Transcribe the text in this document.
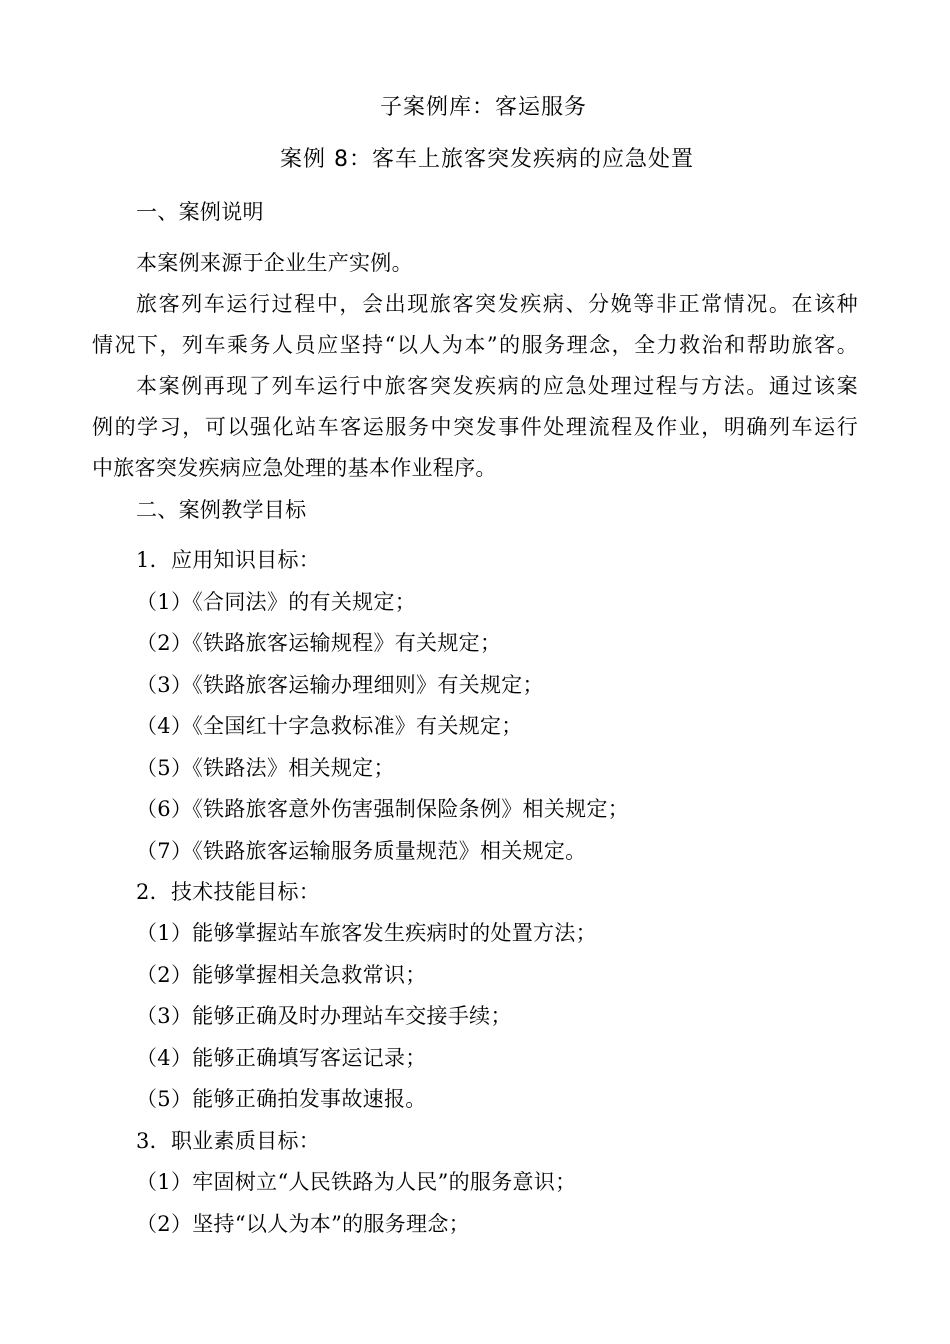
子案例库：客运服务
案例 8：客车上旅客突发疾病的应急处置
一、案例说明
本案例来源于企业生产实例。
旅客列车运行过程中，会出现旅客突发疾病、分娩等非正常情况。在该种
情况下，列车乘务人员应坚持“以人为本”的服务理念，全力救治和帮助旅客。
本案例再现了列车运行中旅客突发疾病的应急处理过程与方法。通过该案
例的学习，可以强化站车客运服务中突发事件处理流程及作业，明确列车运行
中旅客突发疾病应急处理的基本作业程序。
二、案例教学目标
1．应用知识目标：
（1）《合同法》的有关规定；
（2）《铁路旅客运输规程》有关规定；
（3）《铁路旅客运输办理细则》有关规定；
（4）《全国红十字急救标准》有关规定；
（5）《铁路法》相关规定；
（6）《铁路旅客意外伤害强制保险条例》相关规定；
（7）《铁路旅客运输服务质量规范》相关规定。
2．技术技能目标：
（1）能够掌握站车旅客发生疾病时的处置方法；
（2）能够掌握相关急救常识；
（3）能够正确及时办理站车交接手续；
（4）能够正确填写客运记录；
（5）能够正确拍发事故速报。
3．职业素质目标：
（1）牢固树立“人民铁路为人民”的服务意识；
（2）坚持“以人为本”的服务理念；
